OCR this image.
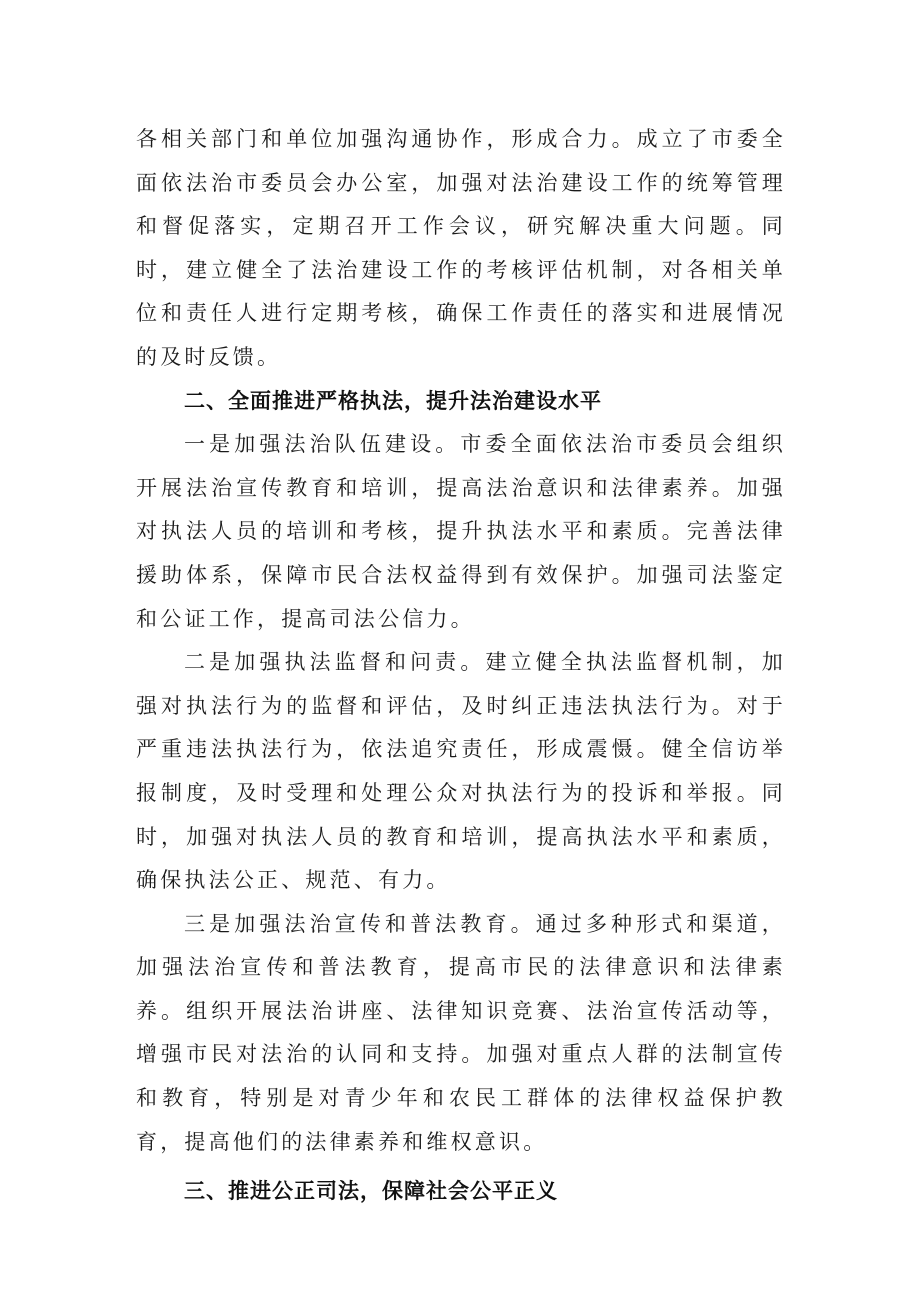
各相关部门和单位加强沟通协作，形成合力。成立了市委全面依法治市委员会办公室，加强对法治建设工作的统筹管理和督促落实，定期召开工作会议，研究解决重大问题。同时，建立健全了法治建设工作的考核评估机制，对各相关单位和责任人进行定期考核，确保工作责任的落实和进展情况的及时反馈。

二、全面推进严格执法，提升法治建设水平

一是加强法治队伍建设。市委全面依法治市委员会组织开展法治宣传教育和培训，提高法治意识和法律素养。加强对执法人员的培训和考核，提升执法水平和素质。完善法律援助体系，保障市民合法权益得到有效保护。加强司法鉴定和公证工作，提高司法公信力。

二是加强执法监督和问责。建立健全执法监督机制，加强对执法行为的监督和评估，及时纠正违法执法行为。对于严重违法执法行为，依法追究责任，形成震慑。健全信访举报制度，及时受理和处理公众对执法行为的投诉和举报。同时，加强对执法人员的教育和培训，提高执法水平和素质，确保执法公正、规范、有力。

三是加强法治宣传和普法教育。通过多种形式和渠道，加强法治宣传和普法教育，提高市民的法律意识和法律素养。组织开展法治讲座、法律知识竞赛、法治宣传活动等，增强市民对法治的认同和支持。加强对重点人群的法制宣传和教育，特别是对青少年和农民工群体的法律权益保护教育，提高他们的法律素养和维权意识。

三、推进公正司法，保障社会公平正义
